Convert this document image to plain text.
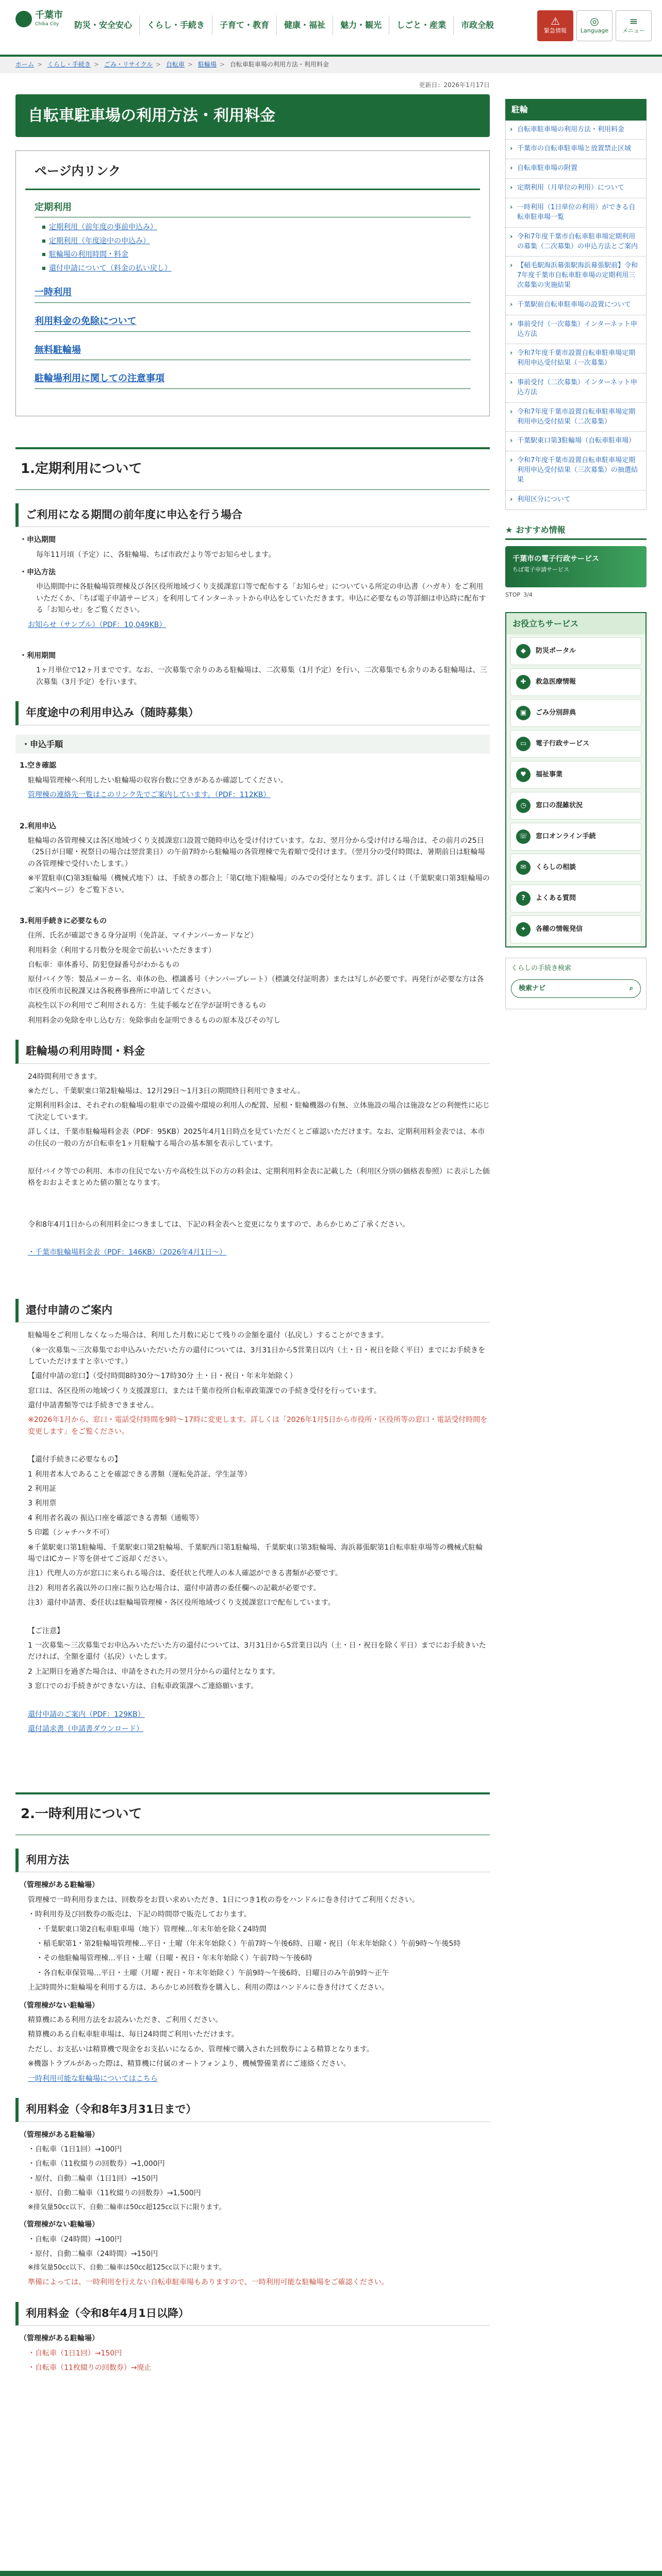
千葉市
Chiba City	防災・安全安心	くらし・手続き	子育て・教育	健康・福祉	魅力・観光	しごと・産業	市政全般	⚠
緊急情報
◎
Language
≡
メニュー
ホーム > くらし・手続き > ごみ・リサイクル > 自転車 > 駐輪場 > 自転車駐車場の利用方法・利用料金
更新日：2026年1月17日
自転車駐車場の利用方法・利用料金
ページ内リンク
定期利用
■ 定期利用（前年度の事前申込み）
■ 定期利用（年度途中の申込み）
■ 駐輪場の利用時間・料金
■ 還付申請について（料金の払い戻し）
一時利用
利用料金の免除について
無料駐輪場
駐輪場利用に関しての注意事項
1.定期利用について
ご利用になる期間の前年度に申込を行う場合
・申込期間

毎年11月頃（予定）に、各駐輪場、ちば市政だより等でお知らせします。

・申込方法

申込期間中に各駐輪場管理棟及び各区役所地域づくり支援課窓口等で配布する「お知らせ」についている所定の申込書（ハガキ）をご利用いただくか、「ちば電子申請サービス」を利用してインターネットから申込をしていただきます。申込に必要なもの等詳細は申込時に配布する「お知らせ」をご覧ください。

お知らせ（サンプル）（PDF：10,049KB）

・利用期間

1ヶ月単位で12ヶ月までです。なお、一次募集で余りのある駐輪場は、二次募集（1月予定）を行い、二次募集でも余りのある駐輪場は、三次募集（3月予定）を行います。

年度途中の利用申込み（随時募集）
・申込手順
1.空き確認

駐輪場管理棟へ利用したい駐輪場の収容台数に空きがあるか確認してください。

管理棟の連絡先一覧はこのリンク先でご案内しています。（PDF：112KB）

2.利用申込

駐輪場の各管理棟又は各区地域づくり支援課窓口設置で随時申込を受け付けています。なお、翌月分から受け付ける場合は、その前月の25日（25日が日曜・祝祭日の場合は翌営業日）の午前7時から駐輪場の各管理棟で先着順で受付けます。（翌月分の受付時間は、暑期前日は駐輪場の各管理棟で受付いたします。）

※平置駐車(C)第3駐輪場（機械式地下）は、手続きの都合上「第C(地下)駐輪場」のみでの受付となります。詳しくは（千葉駅東口第3駐輪場のご案内ページ）をご覧下さい。

3.利用手続きに必要なもの

住所、氏名が確認できる身分証明（免許証、マイナンバーカードなど）

利用料金（利用する月数分を現金で前払いいただきます）

自転車：車体番号、防犯登録番号がわかるもの

原付バイク等：製品メーカー名、車体の色、標識番号（ナンバープレート）（標識交付証明書）または写しが必要です。再発行が必要な方は各市区役所市民税課又は各税務事務所に申請してください。

高校生以下の利用でご利用される方：生徒手帳など在学が証明できるもの

利用料金の免除を申し込む方：免除事由を証明できるものの原本及びその写し

駐輪場の利用時間・料金

24時間利用できます。

※ただし、千葉駅東口第2駐輪場は、12月29日～1月3日の期間終日利用できません。

定期利用料金は、それぞれの駐輪場の駐車での設備や環境の利用人の配置、屋根・駐輪機器の有無、立体施設の場合は施設などの利便性に応じて決定しています。

詳しくは、千葉市駐輪場料金表（PDF：95KB）2025年4月1日時点を見ていただくとご確認いただけます。なお、定期利用料金表では、本市の住民の一般の方が自転車を1ヶ月駐輪する場合の基本額を表示しています。

原付バイク等での利用、本市の住民でない方や高校生以下の方の料金は、定期利用料金表に記載した（利用区分別の価格表参照）に表示した価格をおおよそまとめた値の額となります。

令和8年4月1日からの利用料金につきましては、下記の料金表へと変更になりますので、あらかじめご了承ください。

・千葉市駐輪場料金表（PDF：146KB）（2026年4月1日～）

還付申請のご案内

駐輪場をご利用しなくなった場合は、利用した月数に応じて残りの金額を還付（払戻し）することができます。

（※一次募集～三次募集でお申込みいただいた方の還付については、3月31日から5営業日以内（土・日・祝日を除く平日）までにお手続きをしていただけますと幸いです。）

【還付申請の窓口】（受付時間8時30分～17時30分 土・日・祝日・年末年始除く）

窓口は、各区役所の地域づくり支援課窓口、または千葉市役所自転車政策課での手続き受付を行っています。

還付申請書類等では手続きできません。

※2026年1月から、窓口・電話受付時間を9時～17時に変更します。詳しくは「2026年1月5日から市役所・区役所等の窓口・電話受付時間を変更します」をご覧ください。

【還付手続きに必要なもの】

1 利用者本人であることを確認できる書類（運転免許証、学生証等）

2 利用証

3 利用票

4 利用者名義の 振込口座を確認できる書類（通帳等）

5 印鑑（シャチハタ不可）

※千葉駅東口第1駐輪場、千葉駅東口第2駐輪場、千葉駅西口第1駐輪場、千葉駅東口第3駐輪場、海浜幕張駅第1自転車駐車場等の機械式駐輪場ではICカード等を併せてご返却ください。

注1）代理人の方が窓口に来られる場合は、委任状と代理人の本人確認ができる書類が必要です。

注2）利用者名義以外の口座に振り込む場合は、還付申請書の委任欄への記載が必要です。

注3）還付申請書、委任状は駐輪場管理棟・各区役所地域づくり支援課窓口で配布しています。

【ご注意】

1 一次募集～三次募集でお申込みいただいた方の還付については、3月31日から5営業日以内（土・日・祝日を除く平日）までにお手続きいただければ、全額を還付（払戻）いたします。

2 上記期日を過ぎた場合は、申請をされた月の翌月分からの還付となります。

3 窓口でのお手続きができない方は、自転車政策課へご連絡願います。

還付申請のご案内（PDF：129KB）

還付請求書（申請書ダウンロード）

2.一時利用について
利用方法
（管理棟がある駐輪場）

管理棟で一時利用券または、回数券をお買い求めいただき、1日につき1枚の券をハンドルに巻き付けてご利用ください。

・時利用券及び回数券の販売は、下記の時間帯で販売しております。

・千葉駅東口第2自転車駐車場（地下）管理棟…年末年始を除く24時間

・稲毛駅第1・第2駐輪場管理棟…平日・土曜（年末年始除く）午前7時～午後6時、日曜・祝日（年末年始除く）午前9時～午後5時

・その他駐輪場管理棟…平日・土曜（日曜・祝日・年末年始除く）午前7時～午後6時

・各自転車保管場…平日・土曜（月曜・祝日・年末年始除く）午前9時～午後6時、日曜日のみ午前9時～正午

上記時間外に駐輪場を利用する方は、あらかじめ回数券を購入し、利用の際はハンドルに巻き付けてください。

（管理棟がない駐輪場）

精算機にある利用方法をお読みいただき、ご利用ください。

精算機のある自転車駐車場は、毎日24時間ご利用いただけます。

ただし、お支払いは精算機で現金をお支払いになるか、管理棟で購入された回数券による精算となります。

※機器トラブルがあった際は、精算機に付属のオートフォンより、機械警備業者にご連絡ください。

一時利用可能な駐輪場についてはこちら

利用料金（令和8年3月31日まで）
（管理棟がある駐輪場）

・自転車（1日1回）→100円

・自転車（11枚綴りの回数券）→1,000円

・原付、自動二輪車（1日1回）→150円

・原付、自動二輪車（11枚綴りの回数券）→1,500円

※排気量50cc以下、自動二輪車は50cc超125cc以下に限ります。

（管理棟がない駐輪場）

・自転車（24時間）→100円

・原付、自動二輪車（24時間）→150円

※排気量50cc以下、自動二輪車は50cc超125cc以下に限ります。

準備によっては、一時利用を行えない自転車駐車場もありますので、一時利用可能な駐輪場をご確認ください。

利用料金（令和8年4月1日以降）
（管理棟がある駐輪場）

・自転車（1日1回）→150円

・自転車（11枚綴りの回数券）→廃止

駐輪
› 自転車駐車場の利用方法・利用料金
› 千葉市の自転車駐車場と放置禁止区域
› 自転車駐車場の附置
› 定期利用（月単位の利用）について
› 一時利用（1日単位の利用）ができる自転車駐車場一覧
› 令和7年度千葉市自転車駐車場定期利用の募集（二次募集）の申込方法とご案内
› 【稲毛駅海浜幕張駅海浜幕張駅前】令和7年度千葉市自転車駐車場の定期利用三次募集の実施結果
› 千葉駅前自転車駐車場の設置について
› 事前受付（一次募集）インターネット申込方法
› 令和7年度千葉市設置自転車駐車場定期利用申込受付結果（一次募集）
› 事前受付（二次募集）インターネット申込方法
› 令和7年度千葉市設置自転車駐車場定期利用申込受付結果（二次募集）
› 千葉駅東口第3駐輪場（自転車駐車場）
› 令和7年度千葉市設置自転車駐車場定期利用申込受付結果（三次募集）の抽選結果
› 利用区分について
★ おすすめ情報
千葉市の電子行政サービス
ちば電子申請サービス
STOP 3/4
お役立ちサービス
◆	防災ポータル
✚	救急医療情報
▣	ごみ分別辞典
▭	電子行政サービス
♥	福祉事業
◷	窓口の混雑状況
☏	窓口オンライン手続
✉	くらしの相談
?	よくある質問
✦	各種の情報発信
くらしの手続き検索
検索ナビ	⌕
